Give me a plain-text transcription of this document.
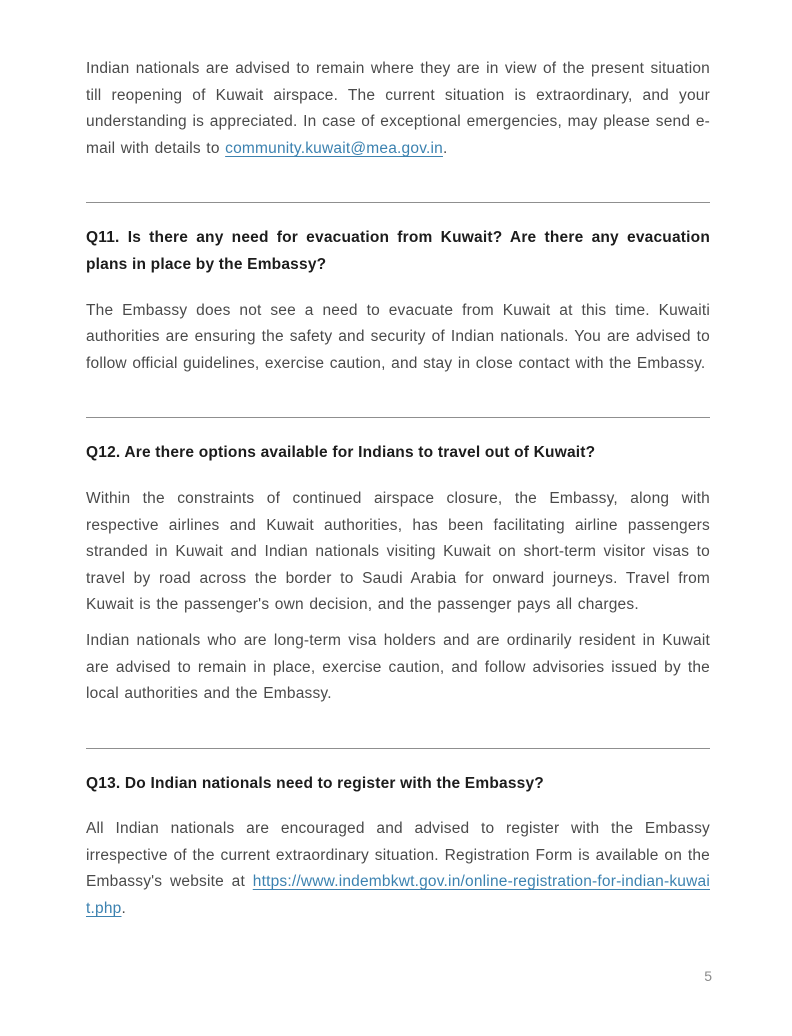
Indian nationals are advised to remain where they are in view of the present situation till reopening of Kuwait airspace. The current situation is extraordinary, and your understanding is appreciated. In case of exceptional emergencies, may please send e-mail with details to community.kuwait@mea.gov.in.

Q11. Is there any need for evacuation from Kuwait? Are there any evacuation plans in place by the Embassy?

The Embassy does not see a need to evacuate from Kuwait at this time. Kuwaiti authorities are ensuring the safety and security of Indian nationals. You are advised to follow official guidelines, exercise caution, and stay in close contact with the Embassy.

Q12. Are there options available for Indians to travel out of Kuwait?

Within the constraints of continued airspace closure, the Embassy, along with respective airlines and Kuwait authorities, has been facilitating airline passengers stranded in Kuwait and Indian nationals visiting Kuwait on short-term visitor visas to travel by road across the border to Saudi Arabia for onward journeys. Travel from Kuwait is the passenger's own decision, and the passenger pays all charges.

Indian nationals who are long-term visa holders and are ordinarily resident in Kuwait are advised to remain in place, exercise caution, and follow advisories issued by the local authorities and the Embassy.

Q13. Do Indian nationals need to register with the Embassy?

All Indian nationals are encouraged and advised to register with the Embassy irrespective of the current extraordinary situation. Registration Form is available on the Embassy's website at https://www.indembkwt.gov.in/online-registration-for-indian-kuwait.php.

5
